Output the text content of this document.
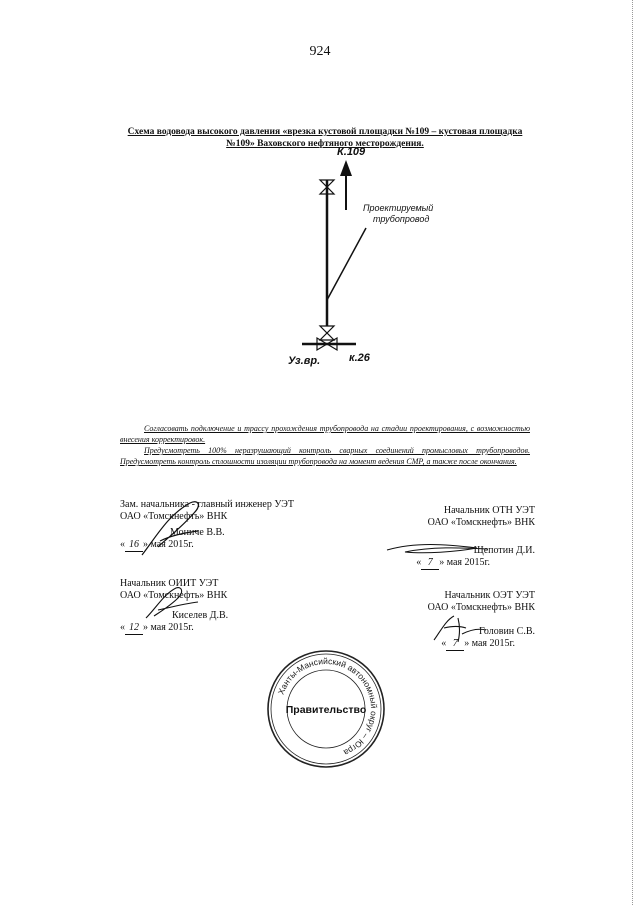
924
Схема водовода высокого давления «врезка кустовой площадки №109 – кустовая площадка
№109» Ваховского нефтяного месторождения.
К.109
Проектируемый
трубопровод
Уз.вр.	к.26

Согласовать подключение и трассу прохождения трубопровода на стадии проектирования, с возможностью внесения корректировок.

Предусмотреть 100% неразрушающий контроль сварных соединений промысловых трубопроводов. Предусмотреть контроль сплошности изоляции трубопровода на момент ведения СМР, а также после окончания.

Зам. начальника - главный инженер УЭТ
ОАО «Томскнефть» ВНК
Мониче В.В.
« 16 » мая 2015г.
Начальник ОТН УЭТ
ОАО «Томскнефть» ВНК
Щепотин Д.И.
« 7 » мая 2015г.
Начальник ОИИТ УЭТ
ОАО «Томскнефть» ВНК
Киселев Д.В.
« 12 » мая 2015г.
Начальник ОЭТ УЭТ
ОАО «Томскнефть» ВНК
Головин С.В.
« 7 » мая 2015г.
Ханты-Мансийский автономный округ – Югра
Правительство
